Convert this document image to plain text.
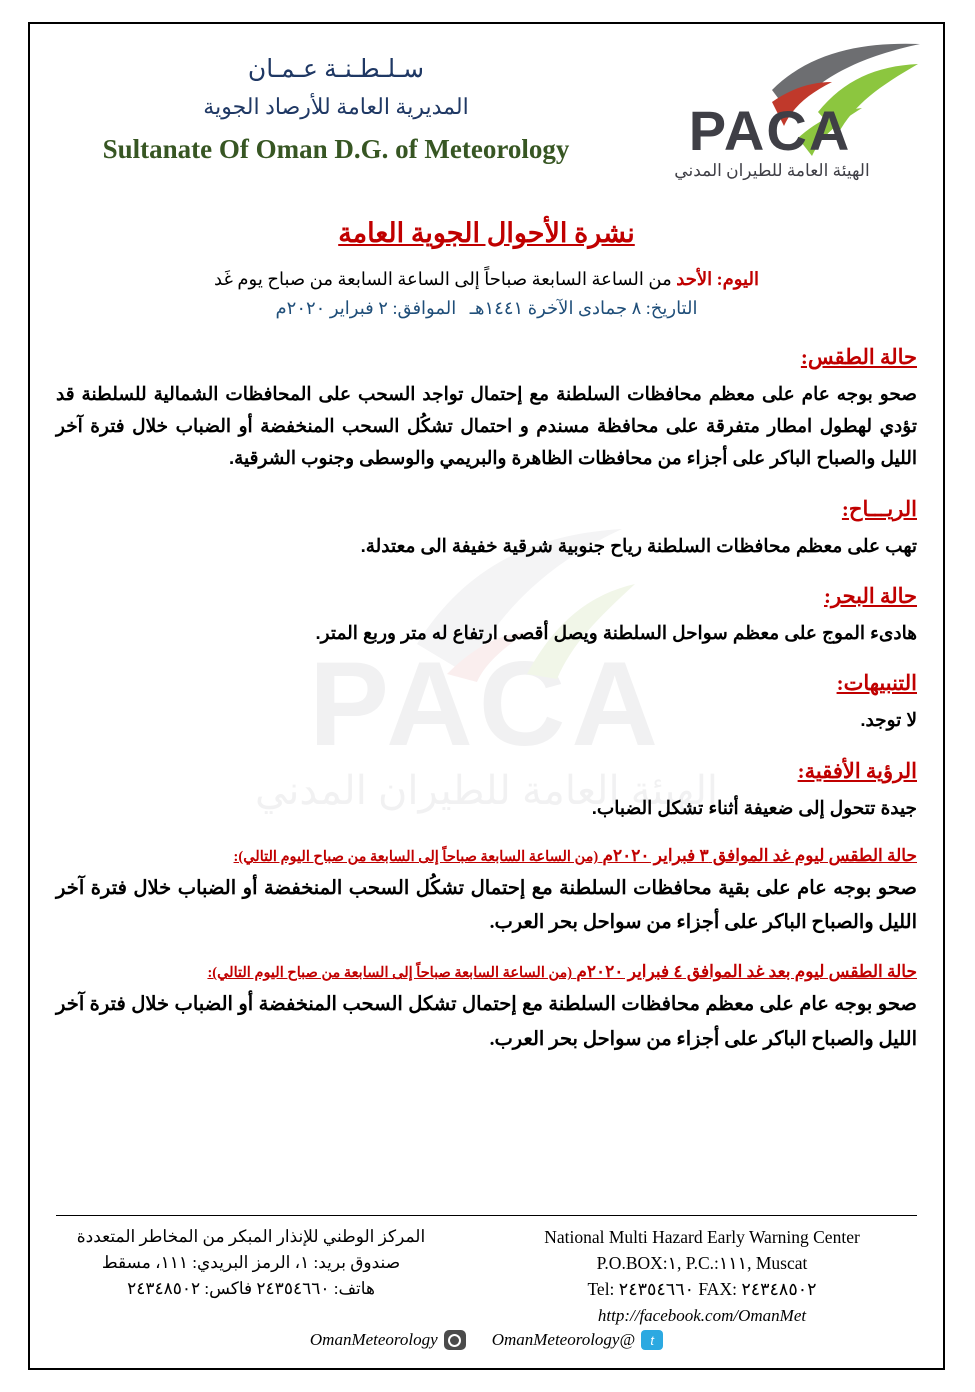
PACA
الهيئة العامة للطيران المدني
سـلـطـنـة عـمـان
المديرية العامة للأرصاد الجوية
Sultanate Of Oman D.G. of Meteorology	PACA
الهيئة العامة للطيران المدني
نشرة الأحوال الجوية العامة
اليوم: الأحد من الساعة السابعة صباحاً إلى الساعة السابعة من صباح يوم غَد
التاريخ: ٨ جمادى الآخرة ١٤٤١هـ   الموافق: ٢ فبراير ٢٠٢٠م
حالة الطقس:
صحو بوجه عام على معظم محافظات السلطنة مع إحتمال تواجد السحب على المحافظات الشمالية للسلطنة قد تؤدي لهطول امطار متفرقة على محافظة مسندم و احتمال تشكُل السحب المنخفضة أو الضباب خلال فترة آخر الليل والصباح الباكر على أجزاء من محافظات الظاهرة والبريمي والوسطى وجنوب الشرقية.
الريـــاح:
تهب على معظم محافظات السلطنة رياح جنوبية شرقية خفيفة الى معتدلة.
حالة البحر:
هادىء الموج على معظم سواحل السلطنة ويصل أقصى ارتفاع له متر وربع المتر.
التنبيهات:
لا توجد.
الرؤية الأفقية:
جيدة تتحول إلى ضعيفة أثناء تشكل الضباب.
حالة الطقس ليوم غد الموافق ٣ فبراير ٢٠٢٠م (من الساعة السابعة صباحاً إلى السابعة من صباح اليوم التالي):
صحو بوجه عام على بقية محافظات السلطنة مع إحتمال تشكُل السحب المنخفضة أو الضباب خلال فترة آخر الليل والصباح الباكر على أجزاء من سواحل بحر العرب.
حالة الطقس ليوم بعد غد الموافق ٤ فبراير ٢٠٢٠م (من الساعة السابعة صباحاً إلى السابعة من صباح اليوم التالي):
صحو بوجه عام على معظم محافظات السلطنة مع إحتمال تشكل السحب المنخفضة أو الضباب خلال فترة آخر الليل والصباح الباكر على أجزاء من سواحل بحر العرب.
National Multi Hazard Early Warning Center
P.O.BOX:١, P.C.:١١١, Muscat
Tel: ٢٤٣٥٤٦٦٠ FAX: ٢٤٣٤٨٥٠٢
http://facebook.com/OmanMet
المركز الوطني للإنذار المبكر من المخاطر المتعددة
صندوق بريد: ١، الرمز البريدي: ١١١، مسقط
هاتف: ٢٤٣٥٤٦٦٠ فاكس: ٢٤٣٤٨٥٠٢
t
@OmanMeteorology
OmanMeteorology
